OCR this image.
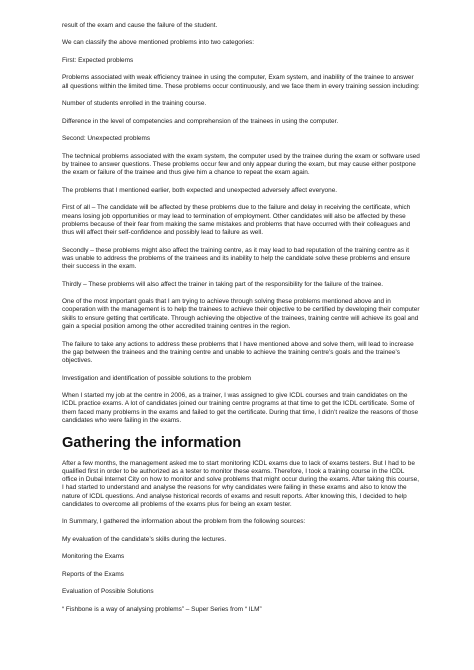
result of the exam and cause the failure of the student.

We can classify the above mentioned problems into two categories:

First: Expected problems

Problems associated with weak efficiency trainee in using the computer, Exam system, and inability of the trainee to answer all questions within the limited time. These problems occur continuously, and we face them in every training session including:

Number of students enrolled in the training course.

Difference in the level of competencies and comprehension of the trainees in using the computer.

Second: Unexpected problems

The technical problems associated with the exam system, the computer used by the trainee during the exam or software used by trainee to answer questions. These problems occur few and only appear during the exam, but may cause either postpone the exam or failure of the trainee and thus give him a chance to repeat the exam again.

The problems that I mentioned earlier, both expected and unexpected adversely affect everyone.

First of all – The candidate will be affected by these problems due to the failure and delay in receiving the certificate, which means losing job opportunities or may lead to termination of employment. Other candidates will also be affected by these problems because of their fear from making the same mistakes and problems that have occurred with their colleagues and thus will affect their self-confidence and possibly lead to failure as well.

Secondly – these problems might also affect the training centre, as it may lead to bad reputation of the training centre as it was unable to address the problems of the trainees and its inability to help the candidate solve these problems and ensure their success in the exam.

Thirdly – These problems will also affect the trainer in taking part of the responsibility for the failure of the trainee.

One of the most important goals that I am trying to achieve through solving these problems mentioned above and in cooperation with the management is to help the trainees to achieve their objective to be certified by developing their computer skills to ensure getting that certificate. Through achieving the objective of the trainees, training centre will achieve its goal and gain a special position among the other accredited training centres in the region.

The failure to take any actions to address these problems that I have mentioned above and solve them, will lead to increase the gap between the trainees and the training centre and unable to achieve the training centre’s goals and the trainee’s objectives.

Investigation and identification of possible solutions to the problem

When I started my job at the centre in 2006, as a trainer, I was assigned to give ICDL courses and train candidates on the ICDL practice exams. A lot of candidates joined our training centre programs at that time to get the ICDL certificate. Some of them faced many problems in the exams and failed to get the certificate. During that time, I didn’t realize the reasons of those candidates who were failing in the exams.

Gathering the information

After a few months, the management asked me to start monitoring ICDL exams due to lack of exams testers. But I had to be qualified first in order to be authorized as a tester to monitor these exams. Therefore, I took a training course in the ICDL office in Dubai Internet City on how to monitor and solve problems that might occur during the exams. After taking this course, I had started to understand and analyse the reasons for why candidates were failing in these exams and also to know the nature of ICDL questions. And analyse historical records of exams and result reports. After knowing this, I decided to help candidates to overcome all problems of the exams plus for being an exam tester.

In Summary, I gathered the information about the problem from the following sources:

My evaluation of the candidate’s skills during the lectures.

Monitoring the Exams

Reports of the Exams

Evaluation of Possible Solutions

“ Fishbone is a way of analysing problems” – Super Series from “ ILM”
